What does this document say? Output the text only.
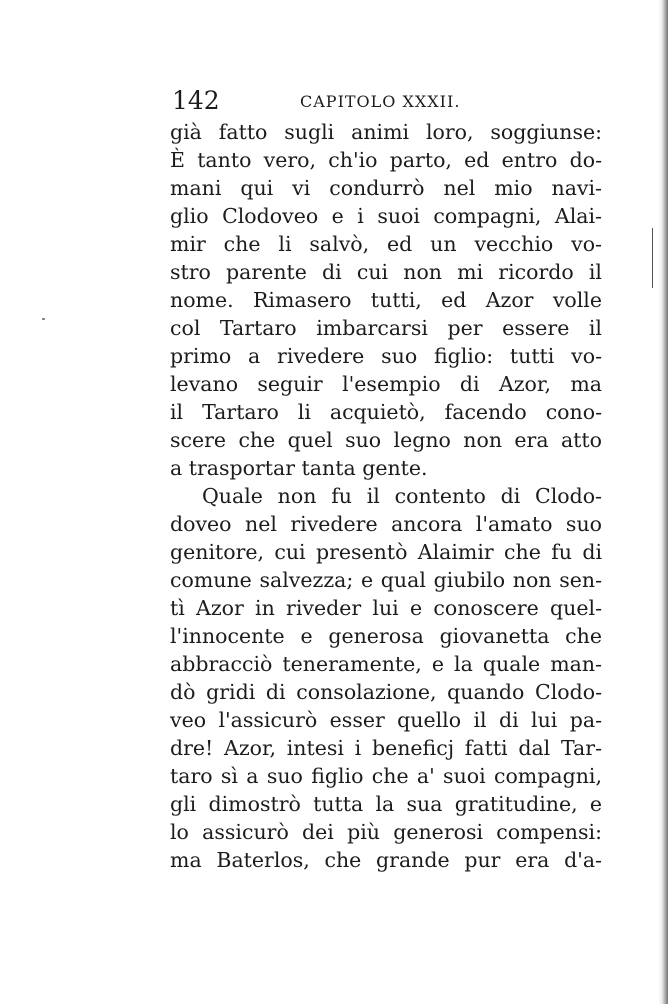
142	CAPITOLO XXXII.
già fatto sugli animi loro, soggiunse:
È tanto vero, ch'io parto, ed entro do-
mani qui vi condurrò nel mio navi-
glio Clodoveo e i suoi compagni, Alai-
mir che li salvò, ed un vecchio vo-
stro parente di cui non mi ricordo il
nome. Rimasero tutti, ed Azor volle
col Tartaro imbarcarsi per essere il
primo a rivedere suo figlio: tutti vo-
levano seguir l'esempio di Azor, ma
il Tartaro li acquietò, facendo cono-
scere che quel suo legno non era atto
a trasportar tanta gente.
Quale non fu il contento di Clodo-
doveo nel rivedere ancora l'amato suo
genitore, cui presentò Alaimir che fu di
comune salvezza; e qual giubilo non sen-
tì Azor in riveder lui e conoscere quel-
l'innocente e generosa giovanetta che
abbracciò teneramente, e la quale man-
dò gridi di consolazione, quando Clodo-
veo l'assicurò esser quello il di lui pa-
dre! Azor, intesi i beneficj fatti dal Tar-
taro sì a suo figlio che a' suoi compagni,
gli dimostrò tutta la sua gratitudine, e
lo assicurò dei più generosi compensi:
ma Baterlos, che grande pur era d'a-
